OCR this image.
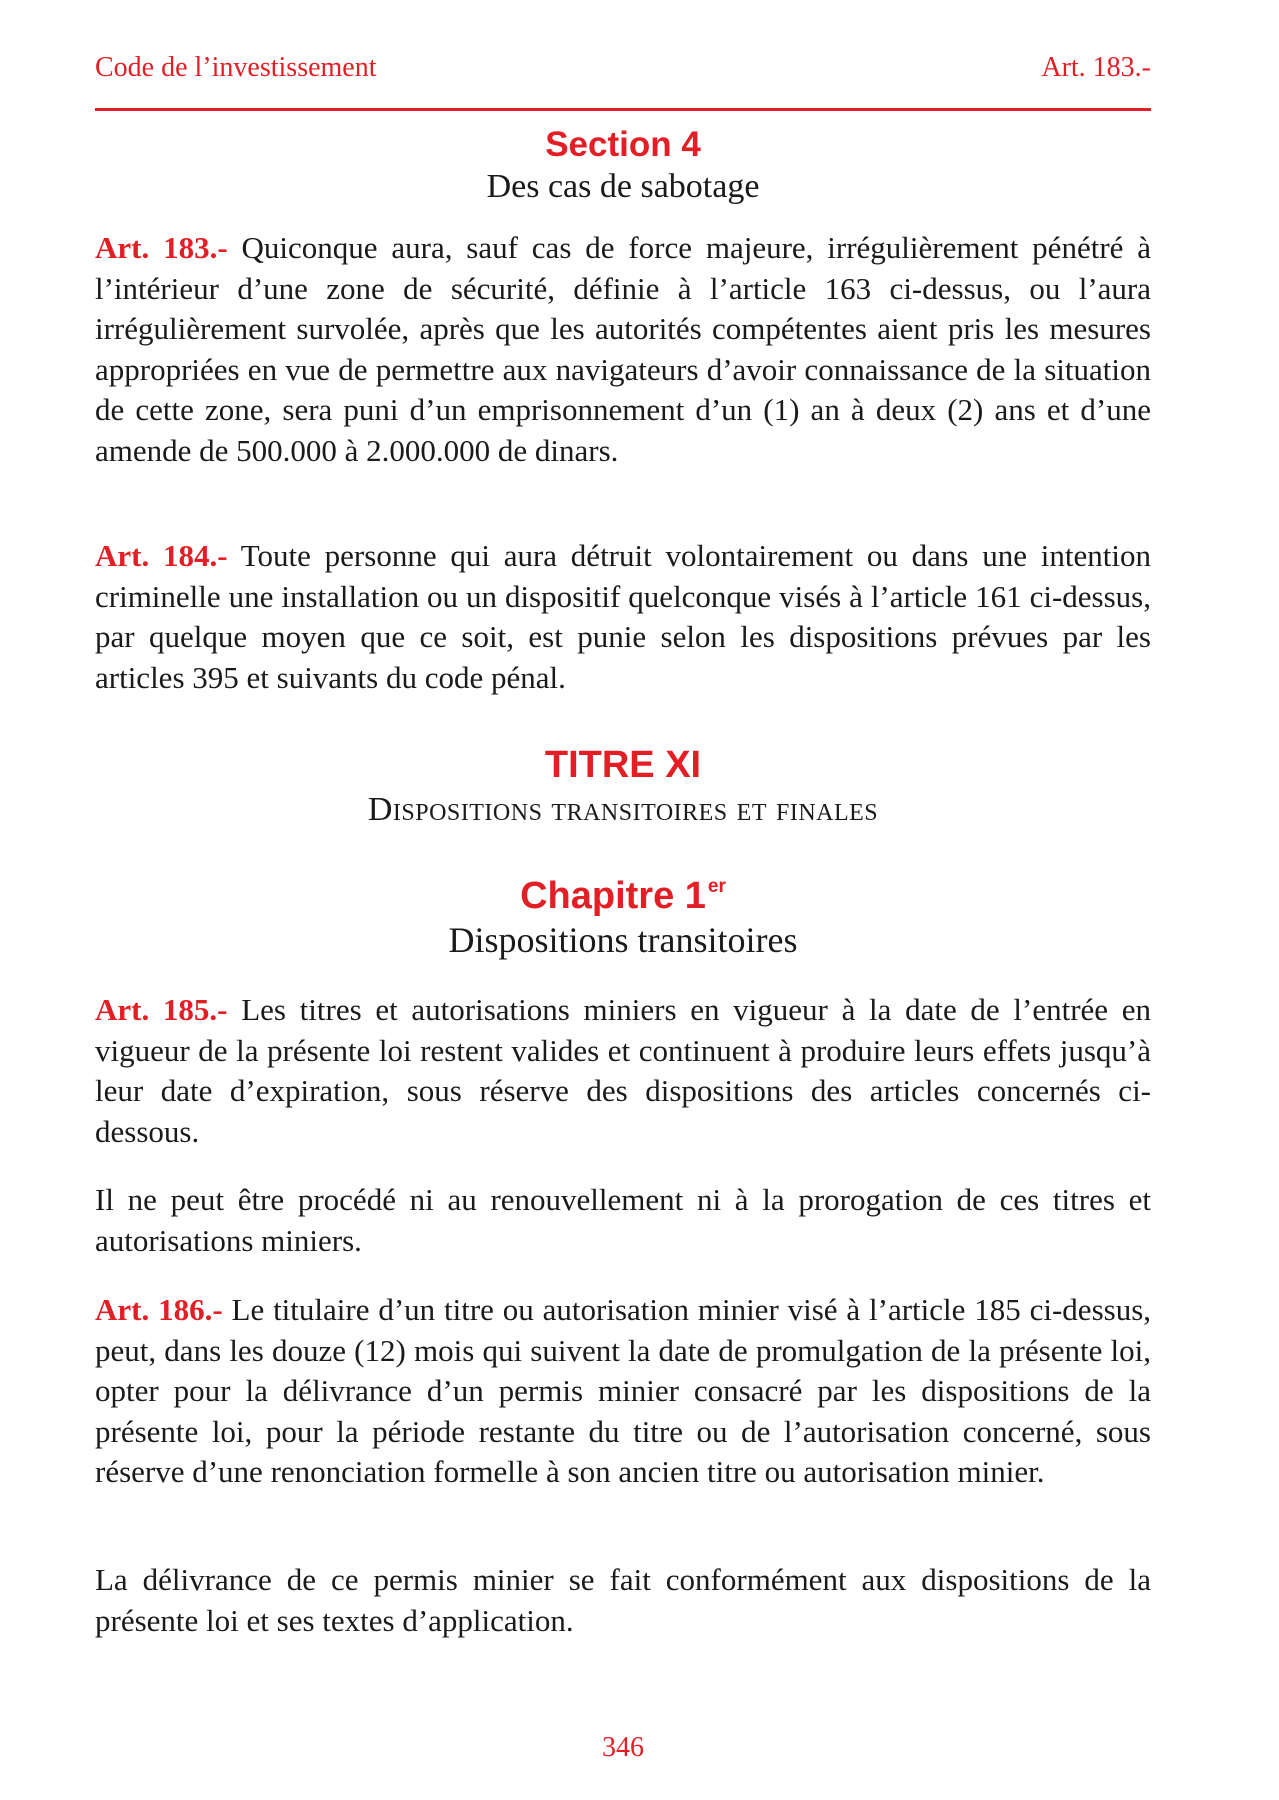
Code de l’investissement	Art. 183.-
Section 4
Des cas de sabotage

Art. 183.- Quiconque aura, sauf cas de force majeure, irrégulièrement pénétré à l’intérieur d’une zone de sécurité, définie à l’article 163 ci-dessus, ou l’aura irrégulièrement survolée, après que les autorités compétentes aient pris les mesures appropriées en vue de permettre aux navigateurs d’avoir connaissance de la situation de cette zone, sera puni d’un emprisonnement d’un (1) an à deux (2) ans et d’une amende de 500.000 à 2.000.000 de dinars.

Art. 184.- Toute personne qui aura détruit volontairement ou dans une intention criminelle une installation ou un dispositif quelconque visés à l’article 161 ci-dessus, par quelque moyen que ce soit, est punie selon les dispositions prévues par les articles 395 et suivants du code pénal.

TITRE XI
Dispositions transitoires et finales
Chapitre 1 $^{er}$
Dispositions transitoires

Art. 185.- Les titres et autorisations miniers en vigueur à la date de l’entrée en vigueur de la présente loi restent valides et continuent à produire leurs effets jusqu’à leur date d’expiration, sous réserve des dispositions des articles concernés ci-dessous.

Il ne peut être procédé ni au renouvellement ni à la prorogation de ces titres et autorisations miniers.

Art. 186.- Le titulaire d’un titre ou autorisation minier visé à l’article 185 ci-dessus, peut, dans les douze (12) mois qui suivent la date de promulgation de la présente loi, opter pour la délivrance d’un permis minier consacré par les dispositions de la présente loi, pour la période restante du titre ou de l’autorisation concerné, sous réserve d’une renonciation formelle à son ancien titre ou autorisation minier.

La délivrance de ce permis minier se fait conformément aux dispositions de la présente loi et ses textes d’application.

346
